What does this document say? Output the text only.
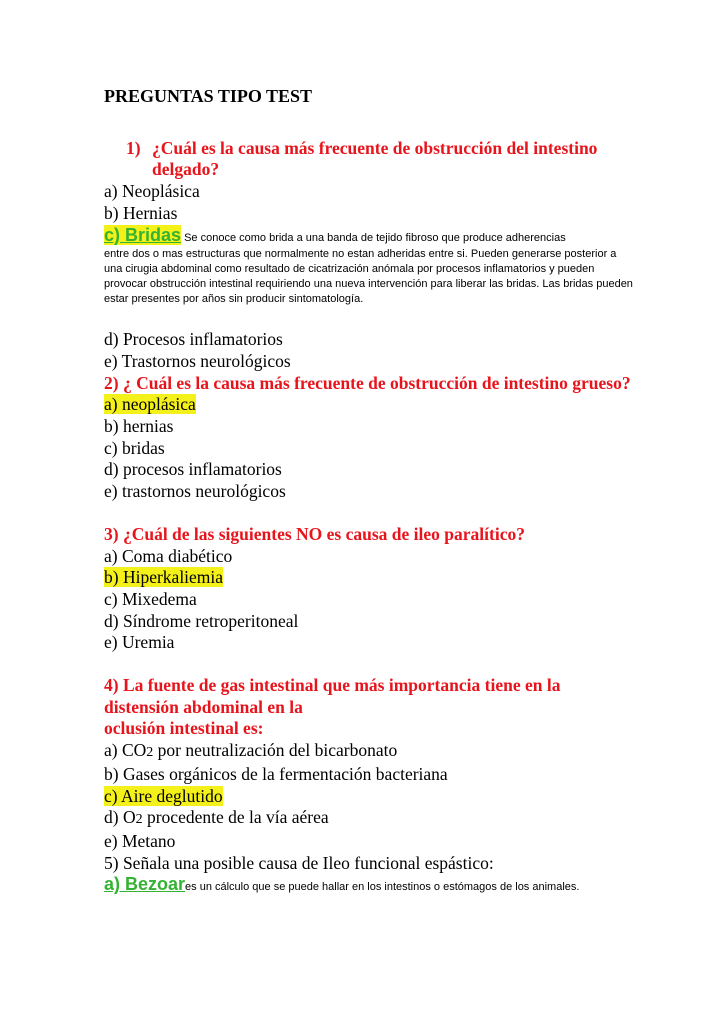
PREGUNTAS TIPO TEST
1) ¿Cuál es la causa más frecuente de obstrucción del intestino delgado?
a) Neoplásica
b) Hernias
c) Bridas Se conoce como brida a una banda de tejido fibroso que produce adherencias
entre dos o mas estructuras que normalmente no estan adheridas entre si. Pueden generarse posterior a una cirugia abdominal como resultado de cicatrización anómala por procesos inflamatorios y pueden provocar obstrucción intestinal requiriendo una nueva intervención para liberar las bridas. Las bridas pueden estar presentes por años sin producir sintomatología.
d) Procesos inflamatorios
e) Trastornos neurológicos
2) ¿ Cuál es la causa más frecuente de obstrucción de intestino grueso?
a) neoplásica
b) hernias
c) bridas
d) procesos inflamatorios
e) trastornos neurológicos
3) ¿Cuál de las siguientes NO es causa de ileo paralítico?
a) Coma diabético
b) Hiperkaliemia
c) Mixedema
d) Síndrome retroperitoneal
e) Uremia
4) La fuente de gas intestinal que más importancia tiene en la
distensión abdominal en la
oclusión intestinal es:
a) CO2 por neutralización del bicarbonato
b) Gases orgánicos de la fermentación bacteriana
c) Aire deglutido
d) O2 procedente de la vía aérea
e) Metano
5) Señala una posible causa de Ileo funcional espástico:
a) Bezoares un cálculo que se puede hallar en los intestinos o estómagos de los animales.
